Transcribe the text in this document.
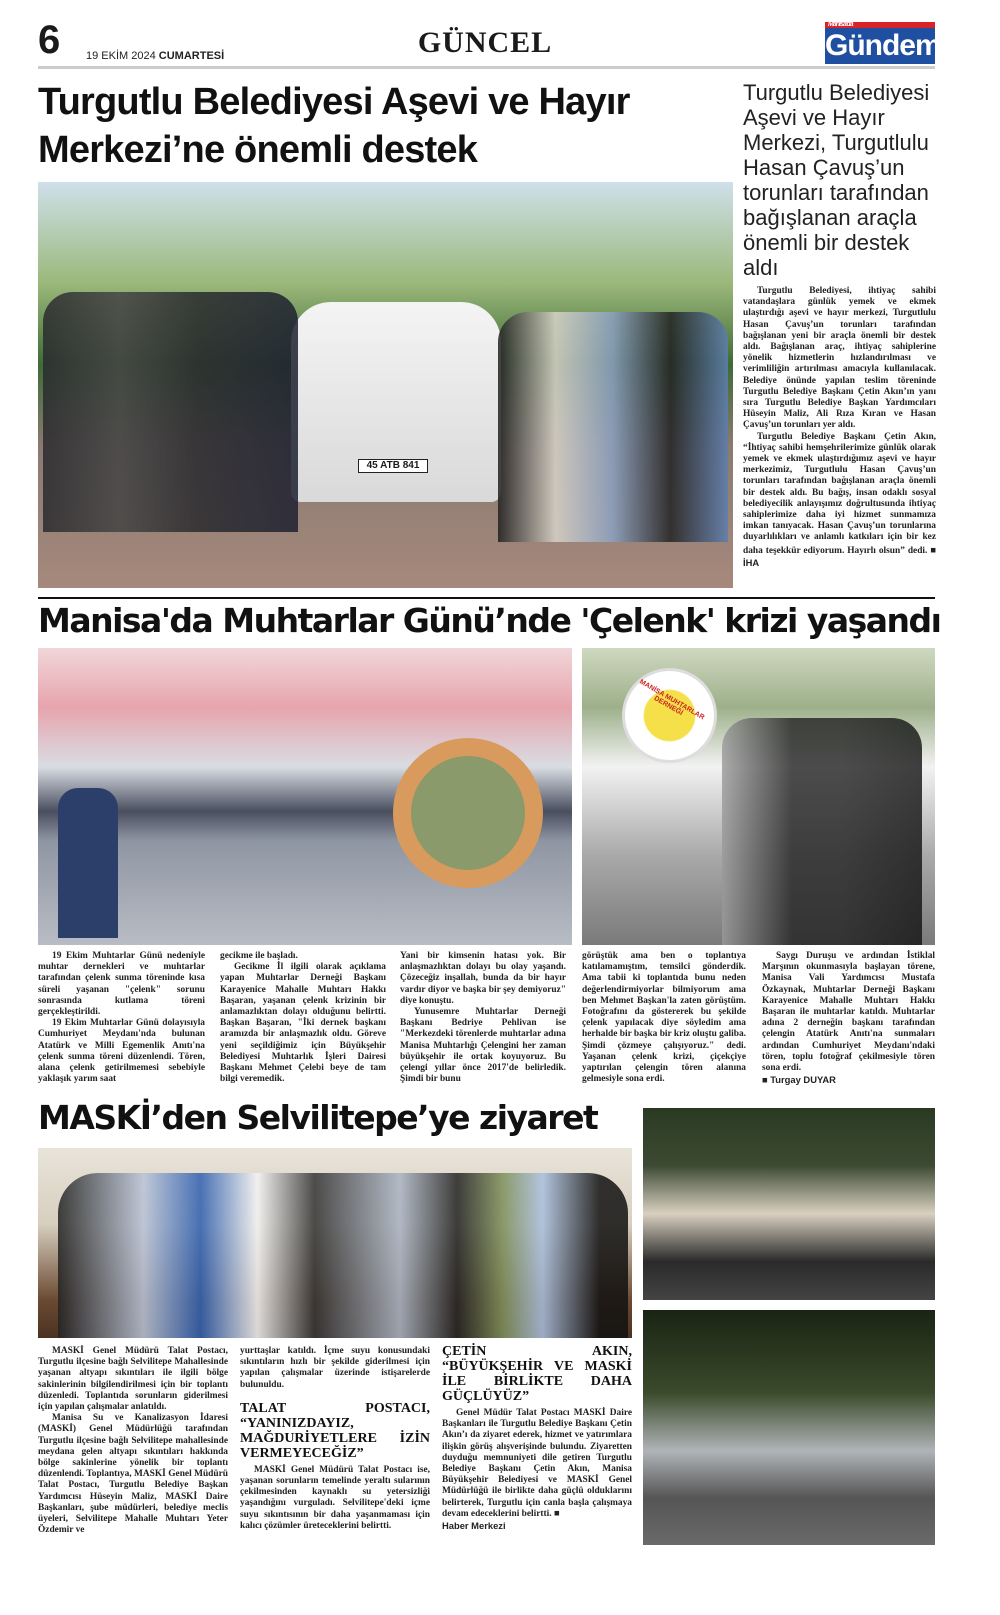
6 19 EKİM 2024 CUMARTESİ	GÜNCEL
Manisa'da
Gündem
Turgutlu Belediyesi Aşevi ve Hayır Merkezi’ne önemli destek
Turgutlu Belediyesi Aşevi ve Hayır Merkezi, Turgutlulu Hasan Çavuş’un torunları tarafından bağışlanan araçla önemli bir destek aldı
45 ATB 841

Turgutlu Belediyesi, ihtiyaç sahibi vatandaşlara günlük yemek ve ekmek ulaştırdığı aşevi ve hayır merkezi, Turgutlulu Hasan Çavuş’un torunları tarafından bağışlanan yeni bir araçla önemli bir destek aldı. Bağışlanan araç, ihtiyaç sahiplerine yönelik hizmetlerin hızlandırılması ve verimliliğin artırılması amacıyla kullanılacak. Belediye önünde yapılan teslim töreninde Turgutlu Belediye Başkanı Çetin Akın’ın yanı sıra Turgutlu Belediye Başkan Yardımcıları Hüseyin Maliz, Ali Rıza Kıran ve Hasan Çavuş’un torunları yer aldı.

Turgutlu Belediye Başkanı Çetin Akın, “İhtiyaç sahibi hemşehrilerimize günlük olarak yemek ve ekmek ulaştırdığımız aşevi ve hayır merkezimiz, Turgutlulu Hasan Çavuş’un torunları tarafından bağışlanan araçla önemli bir destek aldı. Bu bağış, insan odaklı sosyal belediyecilik anlayışımız doğrultusunda ihtiyaç sahiplerimize daha iyi hizmet sunmamıza imkan tanıyacak. Hasan Çavuş’un torunlarına duyarlılıkları ve anlamlı katkıları için bir kez daha teşekkür ediyorum. Hayırlı olsun” dedi. ■ İHA

Manisa'da Muhtarlar Günü’nde 'Çelenk' krizi yaşandı
MANİSA MUHTARLAR DERNEĞİ

19 Ekim Muhtarlar Günü nedeniyle muhtar dernekleri ve muhtarlar tarafından çelenk sunma töreninde kısa süreli yaşanan "çelenk" sorunu sonrasında kutlama töreni gerçekleştirildi.

19 Ekim Muhtarlar Günü dolayısıyla Cumhuriyet Meydanı'nda bulunan Atatürk ve Milli Egemenlik Anıtı'na çelenk sunma töreni düzenlendi. Tören, alana çelenk getirilmemesi sebebiyle yaklaşık yarım saat

gecikme ile başladı.

Gecikme İl ilgili olarak açıklama yapan Muhtarlar Derneği Başkanı Karayenice Mahalle Muhtarı Hakkı Başaran, yaşanan çelenk krizinin bir anlamazlıktan dolayı olduğunu belirtti. Başkan Başaran, "İki dernek başkanı aramızda bir anlaşmazlık oldu. Göreve yeni seçildiğimiz için Büyükşehir Belediyesi Muhtarlık İşleri Dairesi Başkanı Mehmet Çelebi beye de tam bilgi veremedik.

Yani bir kimsenin hatası yok. Bir anlaşmazlıktan dolayı bu olay yaşandı. Çözeceğiz inşallah, bunda da bir hayır vardır diyor ve başka bir şey demiyoruz" diye konuştu.

Yunusemre Muhtarlar Derneği Başkanı Bedriye Pehlivan ise "Merkezdeki törenlerde muhtarlar adına Manisa Muhtarlığı Çelengini her zaman büyükşehir ile ortak koyuyoruz. Bu çelengi yıllar önce 2017'de belirledik. Şimdi bir bunu

görüştük ama ben o toplantıya katılamamıştım, temsilci gönderdik. Ama tabii ki toplantıda bunu neden değerlendirmiyorlar bilmiyorum ama ben Mehmet Başkan'la zaten görüştüm. Fotoğrafını da göstererek bu şekilde çelenk yapılacak diye söyledim ama herhalde bir başka bir kriz oluştu galiba. Şimdi çözmeye çalışıyoruz." dedi. Yaşanan çelenk krizi, çiçekçiye yaptırılan çelengin tören alanına gelmesiyle sona erdi.

Saygı Duruşu ve ardından İstiklal Marşının okunmasıyla başlayan törene, Manisa Vali Yardımcısı Mustafa Özkaynak, Muhtarlar Derneği Başkanı Karayenice Mahalle Muhtarı Hakkı Başaran ile muhtarlar katıldı. Muhtarlar adına 2 derneğin başkanı tarafından çelengin Atatürk Anıtı'na sunmaları ardından Cumhuriyet Meydanı'ndaki tören, toplu fotoğraf çekilmesiyle tören sona erdi.

■ Turgay DUYAR

MASKİ’den Selvilitepe’ye ziyaret

MASKİ Genel Müdürü Talat Postacı, Turgutlu ilçesine bağlı Selvilitepe Mahallesinde yaşanan altyapı sıkıntıları ile ilgili bölge sakinlerinin bilgilendirilmesi için bir toplantı düzenledi. Toplantıda sorunların giderilmesi için yapılan çalışmalar anlatıldı.

Manisa Su ve Kanalizasyon İdaresi (MASKİ) Genel Müdürlüğü tarafından Turgutlu ilçesine bağlı Selvilitepe mahallesinde meydana gelen altyapı sıkıntıları hakkında bölge sakinlerine yönelik bir toplantı düzenlendi. Toplantıya, MASKİ Genel Müdürü Talat Postacı, Turgutlu Belediye Başkan Yardımcısı Hüseyin Maliz, MASKİ Daire Başkanları, şube müdürleri, belediye meclis üyeleri, Selvilitepe Mahalle Muhtarı Yeter Özdemir ve

yurttaşlar katıldı. İçme suyu konusundaki sıkıntıların hızlı bir şekilde giderilmesi için yapılan çalışmalar üzerinde istişarelerde bulunuldu.

TALAT POSTACI, “YANINIZDAYIZ, MAĞDURİYETLERE İZİN VERMEYECEĞİZ”

MASKİ Genel Müdürü Talat Postacı ise, yaşanan sorunların temelinde yeraltı sularının çekilmesinden kaynaklı su yetersizliği yaşandığını vurguladı. Selvilitepe'deki içme suyu sıkıntısının bir daha yaşanmaması için kalıcı çözümler üreteceklerini belirtti.

ÇETİN AKIN, “BÜYÜKŞEHİR VE MASKİ İLE BİRLİKTE DAHA GÜÇLÜYÜZ”

Genel Müdür Talat Postacı MASKİ Daire Başkanları ile Turgutlu Belediye Başkanı Çetin Akın’ı da ziyaret ederek, hizmet ve yatırımlara ilişkin görüş alışverişinde bulundu. Ziyaretten duyduğu memnuniyeti dile getiren Turgutlu Belediye Başkanı Çetin Akın, Manisa Büyükşehir Belediyesi ve MASKİ Genel Müdürlüğü ile birlikte daha güçlü olduklarını belirterek, Turgutlu için canla başla çalışmaya devam edeceklerini belirtti. ■

Haber Merkezi
